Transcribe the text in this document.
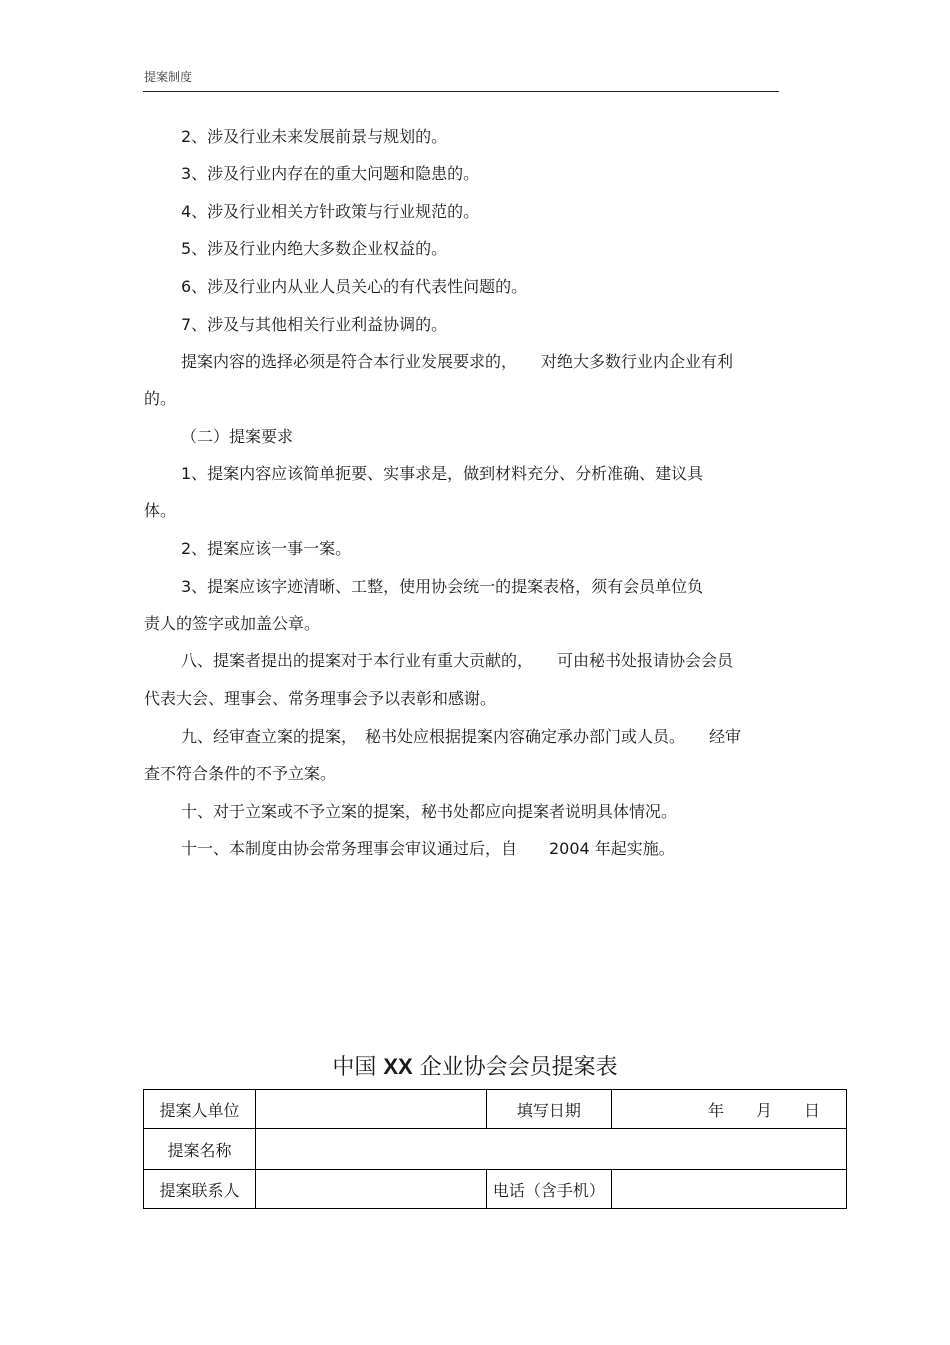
提案制度
2、涉及行业未来发展前景与规划的。
3、涉及行业内存在的重大问题和隐患的。
4、涉及行业相关方针政策与行业规范的。
5、涉及行业内绝大多数企业权益的。
6、涉及行业内从业人员关心的有代表性问题的。
7、涉及与其他相关行业利益协调的。
提案内容的选择必须是符合本行业发展要求的，　　对绝大多数行业内企业有利
的。
（二）提案要求
1、提案内容应该简单扼要、实事求是，做到材料充分、分析准确、建议具
体。
2、提案应该一事一案。
3、提案应该字迹清晰、工整，使用协会统一的提案表格，须有会员单位负
责人的签字或加盖公章。
八、提案者提出的提案对于本行业有重大贡献的，　　可由秘书处报请协会会员
代表大会、理事会、常务理事会予以表彰和感谢。
九、经审查立案的提案，　秘书处应根据提案内容确定承办部门或人员。　　经审
查不符合条件的不予立案。
十、对于立案或不予立案的提案，秘书处都应向提案者说明具体情况。
十一、本制度由协会常务理事会审议通过后，自　　2004 年起实施。
中国 XX 企业协会会员提案表
提案人单位		填写日期	年　　月　　日
提案名称			
提案联系人		电话（含手机）	
